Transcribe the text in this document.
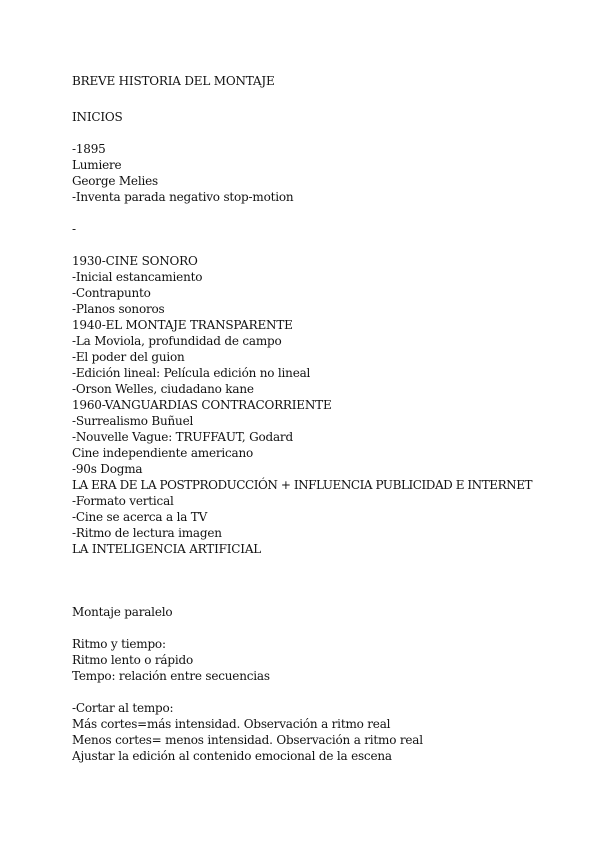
BREVE HISTORIA DEL MONTAJE
INICIOS
-1895
Lumiere
George Melies
-Inventa parada negativo stop-motion
-
1930-CINE SONORO
-Inicial estancamiento
-Contrapunto
-Planos sonoros
1940-EL MONTAJE TRANSPARENTE
-La Moviola, profundidad de campo
-El poder del guion
-Edición lineal: Película edición no lineal
-Orson Welles, ciudadano kane
1960-VANGUARDIAS CONTRACORRIENTE
-Surrealismo Buñuel
-Nouvelle Vague: TRUFFAUT, Godard
Cine independiente americano
-90s Dogma
LA ERA DE LA POSTPRODUCCIÓN + INFLUENCIA PUBLICIDAD E INTERNET
-Formato vertical
-Cine se acerca a la TV
-Ritmo de lectura imagen
LA INTELIGENCIA ARTIFICIAL
Montaje paralelo
Ritmo y tiempo:
Ritmo lento o rápido
Tempo: relación entre secuencias
-Cortar al tempo:
Más cortes=más intensidad. Observación a ritmo real
Menos cortes= menos intensidad. Observación a ritmo real
Ajustar la edición al contenido emocional de la escena
